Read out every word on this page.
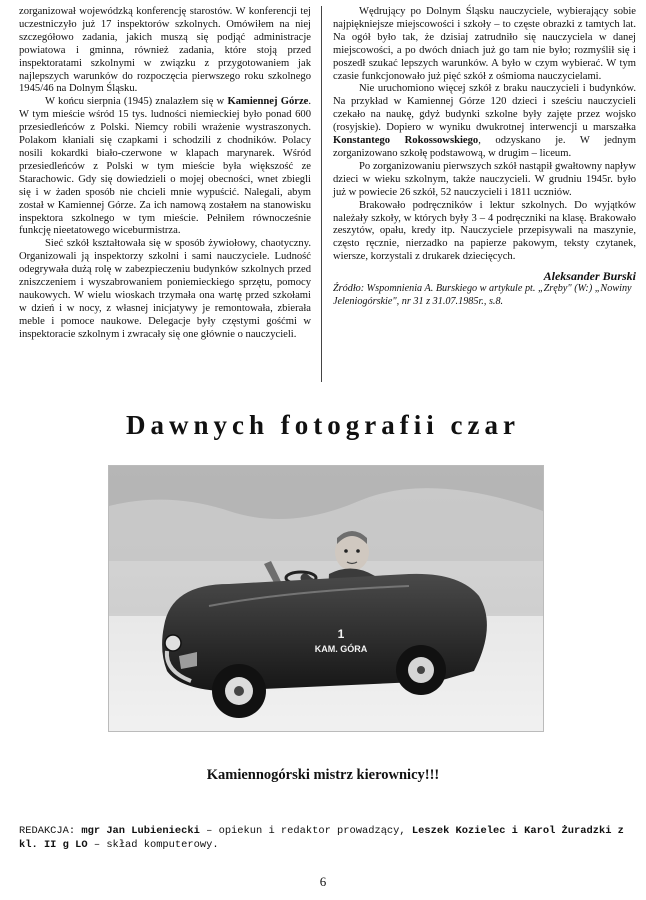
zorganizował wojewódzką konferencję starostów. W konferencji tej uczestniczyło już 17 inspektorów szkolnych. Omówiłem na niej szczegółowo zadania, jakich muszą się podjąć administracje powiatowa i gminna, również zadania, które stoją przed inspektoratami szkolnymi w związku z przygotowaniem jak najlepszych warunków do rozpoczęcia pierwszego roku szkolnego 1945/46 na Dolnym Śląsku.

W końcu sierpnia (1945) znalazłem się w Kamiennej Górze. W tym mieście wśród 15 tys. ludności niemieckiej było ponad 600 przesiedleńców z Polski. Niemcy robili wrażenie wystraszonych. Polakom kłaniali się czapkami i schodzili z chodników. Polacy nosili kokardki biało-czerwone w klapach marynarek. Wśród przesiedleńców z Polski w tym mieście była większość ze Starachowic. Gdy się dowiedzieli o mojej obecności, wnet zbiegli się i w żaden sposób nie chcieli mnie wypuścić. Nalegali, abym został w Kamiennej Górze. Za ich namową zostałem na stanowisku inspektora szkolnego w tym mieście. Pełniłem równocześnie funkcję nieetatowego wiceburmistrza.

Sieć szkół kształtowała się w sposób żywiołowy, chaotyczny. Organizowali ją inspektorzy szkolni i sami nauczyciele. Ludność odegrywała dużą rolę w zabezpieczeniu budynków szkolnych przed zniszczeniem i wyszabrowaniem poniemieckiego sprzętu, pomocy naukowych. W wielu wioskach trzymała ona wartę przed szkołami w dzień i w nocy, z własnej inicjatywy je remontowała, zbierała meble i pomoce naukowe. Delegacje były częstymi gośćmi w inspektoracie szkolnym i zwracały się one głównie o nauczycieli.

Wędrujący po Dolnym Śląsku nauczyciele, wybierający sobie najpiękniejsze miejscowości i szkoły – to częste obrazki z tamtych lat. Na ogół było tak, że dzisiaj zatrudniło się nauczyciela w danej miejscowości, a po dwóch dniach już go tam nie było; rozmyślił się i poszedł szukać lepszych warunków. A było w czym wybierać. W tym czasie funkcjonowało już pięć szkół z ośmioma nauczycielami.

Nie uruchomiono więcej szkół z braku nauczycieli i budynków. Na przykład w Kamiennej Górze 120 dzieci i sześciu nauczycieli czekało na naukę, gdyż budynki szkolne były zajęte przez wojsko (rosyjskie). Dopiero w wyniku dwukrotnej interwencji u marszałka Konstantego Rokossowskiego, odzyskano je. W jednym zorganizowano szkołę podstawową, w drugim – liceum.

Po zorganizowaniu pierwszych szkół nastąpił gwałtowny napływ dzieci w wieku szkolnym, także nauczycieli. W grudniu 1945r. było już w powiecie 26 szkół, 52 nauczycieli i 1811 uczniów.

Brakowało podręczników i lektur szkolnych. Do wyjątków należały szkoły, w których były 3 – 4 podręczniki na klasę. Brakowało zeszytów, opału, kredy itp. Nauczyciele przepisywali na maszynie, często ręcznie, nierzadko na papierze pakowym, teksty czytanek, wiersze, korzystali z drukarek dziecięcych.

Aleksander Burski

Źródło: Wspomnienia A. Burskiego w artykule pt. „Zręby" (W:) „Nowiny Jeleniogórskie", nr 31 z 31.07.1985r., s.8.

Dawnych fotografii czar
1
KAM. GÓRA
Kamiennogórski mistrz kierownicy!!!
REDAKCJA: mgr Jan Lubieniecki – opiekun i redaktor prowadzący, Leszek Kozielec i Karol Żuradzki z kl. II g LO – skład komputerowy.
6
